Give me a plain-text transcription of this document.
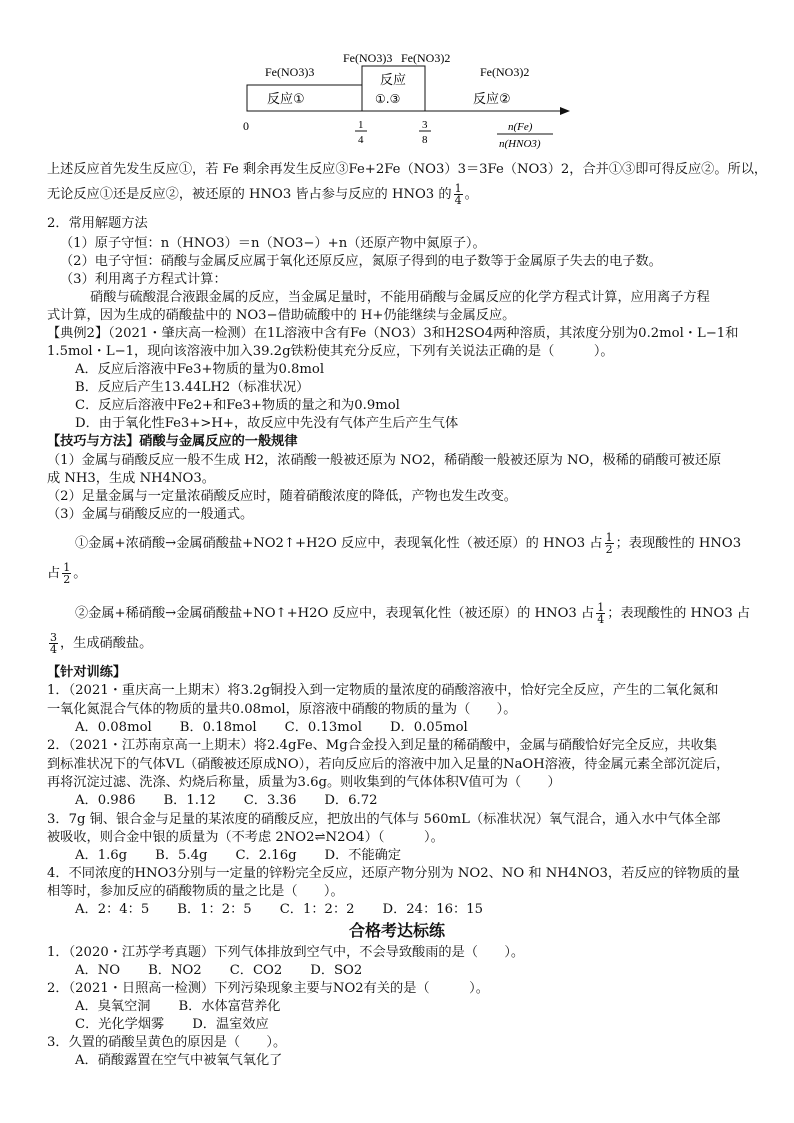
Fe(NO3)3
Fe(NO3)3 Fe(NO3)2
Fe(NO3)2
反应①
反应
①.③	反应②
0	1
4
3
8
n(Fe)
n(HNO3)
上述反应首先发生反应①，若 Fe 剩余再发生反应③Fe+2Fe（NO3）3＝3Fe（NO3）2，合并①③即可得反应②。所以，
无论反应①还是反应②，被还原的 HNO3 皆占参与反应的 HNO3 的 $\frac{1}{4}$ 。
2．常用解题方法
（1）原子守恒：n（HNO3）＝n（NO3−）+n（还原产物中氮原子）。
（2）电子守恒：硝酸与金属反应属于氧化还原反应，氮原子得到的电子数等于金属原子失去的电子数。
（3）利用离子方程式计算：
硝酸与硫酸混合液跟金属的反应，当金属足量时，不能用硝酸与金属反应的化学方程式计算，应用离子方程
式计算，因为生成的硝酸盐中的 NO3−借助硫酸中的 H+仍能继续与金属反应。
【典例2】（2021・肇庆高一检测）在1L溶液中含有Fe（NO3）3和H2SO4两种溶质，其浓度分别为0.2mol・L−1和
1.5mol・L−1，现向该溶液中加入39.2g铁粉使其充分反应，下列有关说法正确的是（　　　）。
A．反应后溶液中Fe3+物质的量为0.8mol
B．反应后产生13.44LH2（标准状况）
C．反应后溶液中Fe2+和Fe3+物质的量之和为0.9mol
D．由于氧化性Fe3+>H+，故反应中先没有气体产生后产生气体
【技巧与方法】硝酸与金属反应的一般规律
（1）金属与硝酸反应一般不生成 H2，浓硝酸一般被还原为 NO2，稀硝酸一般被还原为 NO，极稀的硝酸可被还原
成 NH3，生成 NH4NO3。
（2）足量金属与一定量浓硝酸反应时，随着硝酸浓度的降低，产物也发生改变。
（3）金属与硝酸反应的一般通式。
①金属+浓硝酸→金属硝酸盐+NO2↑+H2O 反应中，表现氧化性（被还原）的 HNO3 占 $\frac{1}{2}$ ；表现酸性的 HNO3
占 $\frac{1}{2}$ 。
②金属+稀硝酸→金属硝酸盐+NO↑+H2O 反应中，表现氧化性（被还原）的 HNO3 占 $\frac{1}{4}$ ；表现酸性的 HNO3 占
$\frac{3}{4}$ ，生成硝酸盐。
【针对训练】
1．（2021・重庆高一上期末）将3.2g铜投入到一定物质的量浓度的硝酸溶液中，恰好完全反应，产生的二氧化氮和
一氧化氮混合气体的物质的量共0.08mol，原溶液中硝酸的物质的量为（　　）。
A．0.08mol B．0.18mol C．0.13mol D．0.05mol
2．（2021・江苏南京高一上期末）将2.4gFe、Mg合金投入到足量的稀硝酸中，金属与硝酸恰好完全反应，共收集
到标准状况下的气体VL（硝酸被还原成NO），若向反应后的溶液中加入足量的NaOH溶液，待金属元素全部沉淀后，
再将沉淀过滤、洗涤、灼烧后称量，质量为3.6g。则收集到的气体体积V值可为（　　）
A．0.986 B．1.12 C．3.36 D．6.72
3．7g 铜、银合金与足量的某浓度的硝酸反应，把放出的气体与 560mL（标准状况）氧气混合，通入水中气体全部
被吸收，则合金中银的质量为（不考虑 2NO2⇌N2O4）（　　　）。
A．1.6g B．5.4g C．2.16g D．不能确定
4．不同浓度的HNO3分别与一定量的锌粉完全反应，还原产物分别为 NO2、NO 和 NH4NO3，若反应的锌物质的量
相等时，参加反应的硝酸物质的量之比是（　　）。
A．2：4：5 B．1：2：5 C．1：2：2 D．24：16：15
合格考达标练
1．（2020・江苏学考真题）下列气体排放到空气中，不会导致酸雨的是（　　）。
A．NO B．NO2 C．CO2 D．SO2
2．（2021・日照高一检测）下列污染现象主要与NO2有关的是（　　　）。
A．臭氧空洞 B．水体富营养化
C．光化学烟雾 D．温室效应
3．久置的硝酸呈黄色的原因是（　　）。
A．硝酸露置在空气中被氧气氧化了
